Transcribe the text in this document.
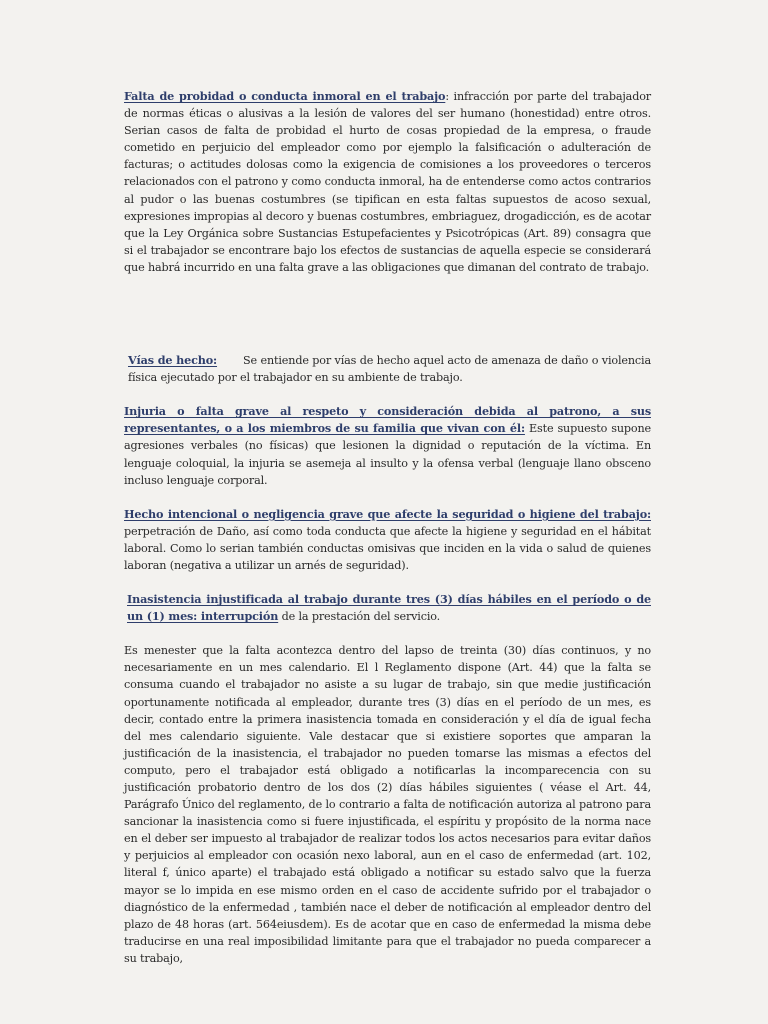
Falta de probidad o conducta inmoral en el trabajo: infracción por parte del trabajador de normas éticas o alusivas a la lesión de valores del ser humano (honestidad) entre otros. Serian casos de falta de probidad el hurto de cosas propiedad de la empresa, o fraude cometido en perjuicio del empleador como por ejemplo la falsificación o adulteración de facturas; o actitudes dolosas como la exigencia de comisiones a los proveedores o terceros relacionados con el patrono y como conducta inmoral, ha de entenderse como actos contrarios al pudor o las buenas costumbres (se tipifican en esta faltas supuestos de acoso sexual, expresiones impropias al decoro y buenas costumbres, embriaguez, drogadicción, es de acotar que la Ley Orgánica sobre Sustancias Estupefacientes y Psicotrópicas (Art. 89) consagra que si el trabajador se encontrare bajo los efectos de sustancias de aquella especie se considerará que habrá incurrido en una falta grave a las obligaciones que dimanan del contrato de trabajo.

Vías de hecho: Se entiende por vías de hecho aquel acto de amenaza de daño o violencia física ejecutado por el trabajador en su ambiente de trabajo.

Injuria o falta grave al respeto y consideración debida al patrono, a sus representantes, o a los miembros de su familia que vivan con él: Este supuesto supone agresiones verbales (no físicas) que lesionen la dignidad o reputación de la víctima. En lenguaje coloquial, la injuria se asemeja al insulto y la ofensa verbal (lenguaje llano obsceno incluso lenguaje corporal.

Hecho intencional o negligencia grave que afecte la seguridad o higiene del trabajo: perpetración de Daño, así como toda conducta que afecte la higiene y seguridad en el hábitat laboral. Como lo serian también conductas omisivas que inciden en la vida o salud de quienes laboran (negativa a utilizar un arnés de seguridad).

Inasistencia injustificada al trabajo durante tres (3) días hábiles en el período o de un (1) mes: interrupción de la prestación del servicio.

Es menester que la falta acontezca dentro del lapso de treinta (30) días continuos, y no necesariamente en un mes calendario. El l Reglamento dispone (Art. 44) que la falta se consuma cuando el trabajador no asiste a su lugar de trabajo, sin que medie justificación oportunamente notificada al empleador, durante tres (3) días en el período de un mes, es decir, contado entre la primera inasistencia tomada en consideración y el día de igual fecha del mes calendario siguiente. Vale destacar que si existiere soportes que amparan la justificación de la inasistencia, el trabajador no pueden tomarse las mismas a efectos del computo, pero el trabajador está obligado a notificarlas la incomparecencia con su justificación probatorio dentro de los dos (2) días hábiles siguientes ( véase el Art. 44, Parágrafo Único del reglamento, de lo contrario a falta de notificación autoriza al patrono para sancionar la inasistencia como si fuere injustificada, el espíritu y propósito de la norma nace en el deber ser impuesto al trabajador de realizar todos los actos necesarios para evitar daños y perjuicios al empleador con ocasión nexo laboral, aun en el caso de enfermedad (art. 102, literal f, único aparte) el trabajado está obligado a notificar su estado salvo que la fuerza mayor se lo impida en ese mismo orden en el caso de accidente sufrido por el trabajador o diagnóstico de la enfermedad , también nace el deber de notificación al empleador dentro del plazo de 48 horas (art. 564eiusdem). Es de acotar que en caso de enfermedad la misma debe traducirse en una real imposibilidad limitante para que el trabajador no pueda comparecer a su trabajo,
